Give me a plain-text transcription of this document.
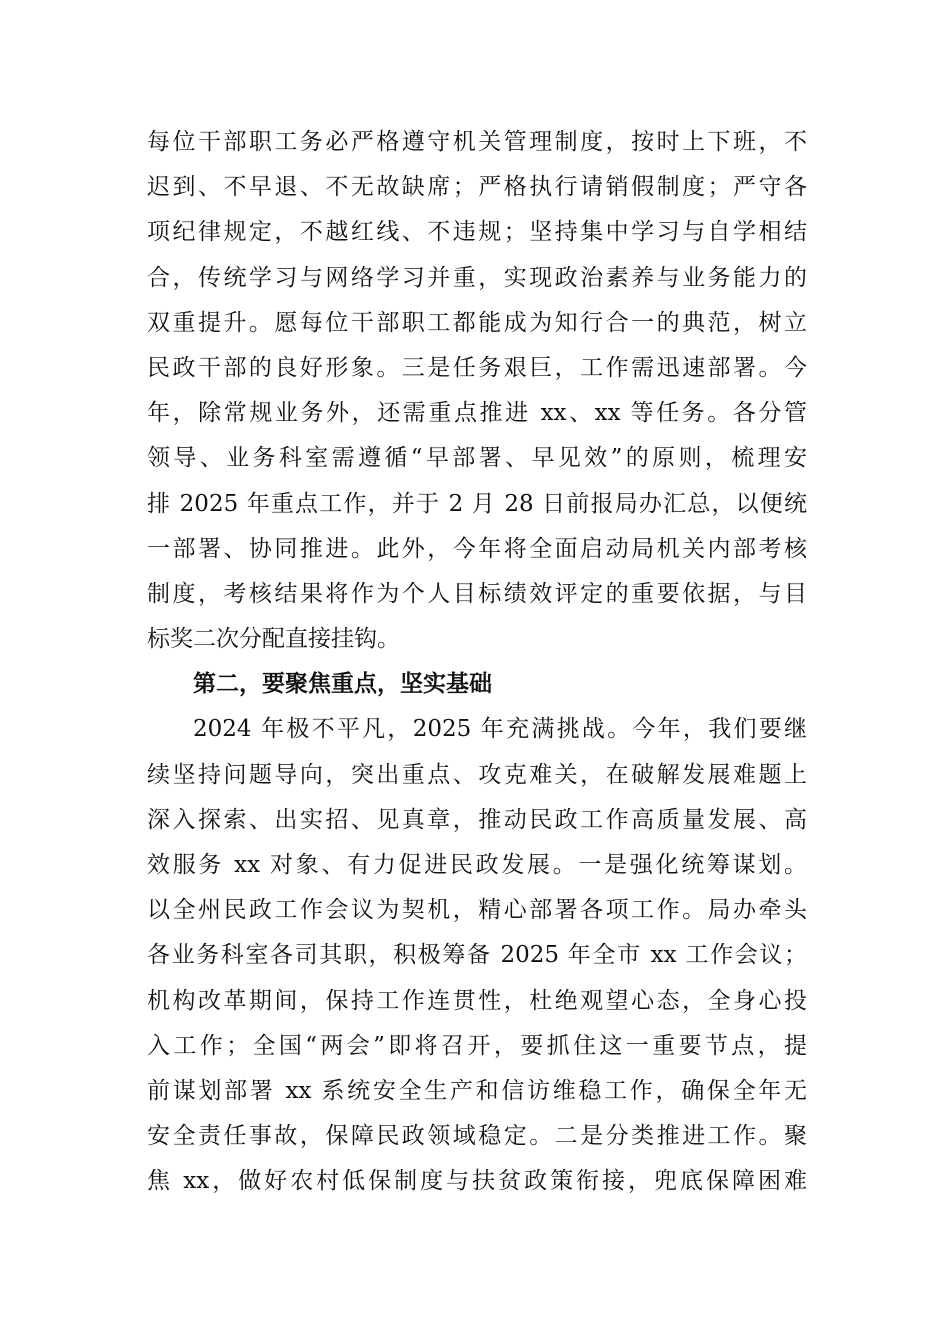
每位干部职工务必严格遵守机关管理制度，按时上下班，不
迟到、不早退、不无故缺席；严格执行请销假制度；严守各
项纪律规定，不越红线、不违规；坚持集中学习与自学相结
合，传统学习与网络学习并重，实现政治素养与业务能力的
双重提升。愿每位干部职工都能成为知行合一的典范，树立
民政干部的良好形象。三是任务艰巨，工作需迅速部署。今
年，除常规业务外，还需重点推进 xx、xx 等任务。各分管
领导、业务科室需遵循“早部署、早见效”的原则，梳理安
排 2025 年重点工作，并于 2 月 28 日前报局办汇总，以便统
一部署、协同推进。此外，今年将全面启动局机关内部考核
制度，考核结果将作为个人目标绩效评定的重要依据，与目
标奖二次分配直接挂钩。
第二，要聚焦重点，坚实基础
2024 年极不平凡，2025 年充满挑战。今年，我们要继
续坚持问题导向，突出重点、攻克难关，在破解发展难题上
深入探索、出实招、见真章，推动民政工作高质量发展、高
效服务 xx 对象、有力促进民政发展。一是强化统筹谋划。
以全州民政工作会议为契机，精心部署各项工作。局办牵头
各业务科室各司其职，积极筹备 2025 年全市 xx 工作会议；
机构改革期间，保持工作连贯性，杜绝观望心态，全身心投
入工作；全国“两会”即将召开，要抓住这一重要节点，提
前谋划部署 xx 系统安全生产和信访维稳工作，确保全年无
安全责任事故，保障民政领域稳定。二是分类推进工作。聚
焦 xx，做好农村低保制度与扶贫政策衔接，兜底保障困难
